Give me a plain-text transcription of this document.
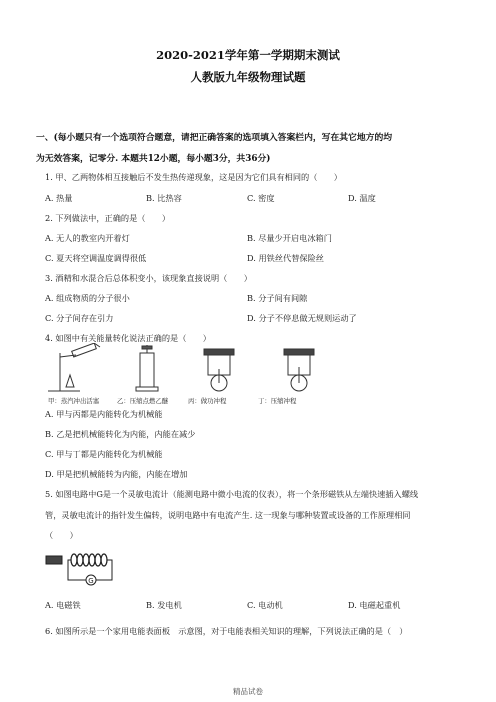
2020-2021学年第一学期期末测试
人教版九年级物理试题
一、(每小题只有一个选项符合题意，请把正确答案的选项填入答案栏内，写在其它地方的均
为无效答案，记零分. 本题共12小题，每小题3分，共36分)
1. 甲、乙两物体相互接触后不发生热传递现象，这是因为它们具有相同的（　　）
A. 热量	B. 比热容	C. 密度	D. 温度
2. 下列做法中，正确的是（　　）
A. 无人的教室内开着灯	B. 尽量少开启电冰箱门
C. 夏天将空调温度调得很低	D. 用铁丝代替保险丝
3. 酒精和水混合后总体积变小，该现象直接说明（　　）
A. 组成物质的分子很小	B. 分子间有间隙
C. 分子间存在引力	D. 分子不停息做无规则运动了
4. 如图中有关能量转化说法正确的是（　　）
甲：蒸汽冲出活塞	乙：压缩点燃乙醚	丙：做功冲程	丁：压缩冲程
A. 甲与丙都是内能转化为机械能
B. 乙是把机械能转化为内能，内能在减少
C. 甲与丁都是内能转化为机械能
D. 甲是把机械能转为内能，内能在增加
5. 如图电路中G是一个灵敏电流计（能测电路中微小电流的仪表），将一个条形磁铁从左端快速插入螺线
管，灵敏电流计的指针发生偏转，说明电路中有电流产生. 这一现象与哪种装置或设备的工作原理相同
（　　）
G
A. 电磁铁	B. 发电机	C. 电动机	D. 电磁起重机
6. 如图所示是一个家用电能表面板　示意图，对于电能表相关知识的理解，下列说法正确的是（　）
精品试卷
